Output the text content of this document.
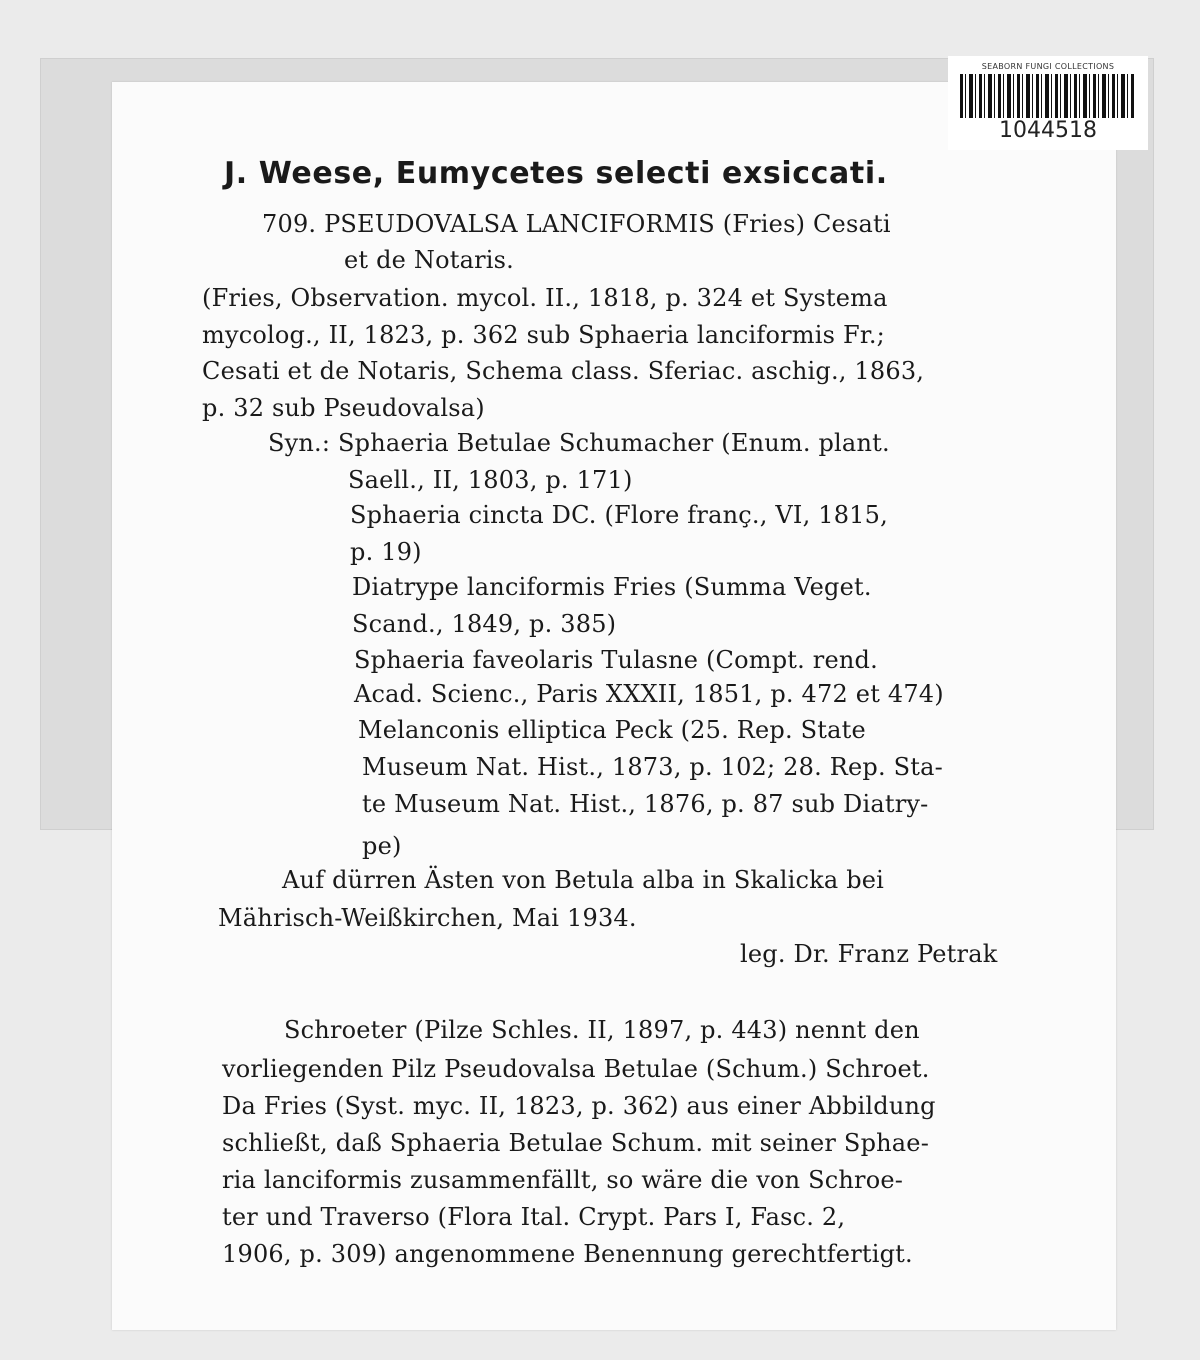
SEABORN FUNGI COLLECTIONS
1044518
J. Weese, Eumycetes selecti exsiccati.
709. PSEUDOVALSA LANCIFORMIS (Fries) Cesati
et de Notaris.
(Fries, Observation. mycol. II., 1818, p. 324 et Systema
mycolog., II, 1823, p. 362 sub Sphaeria lanciformis Fr.;
Cesati et de Notaris, Schema class. Sferiac. aschig., 1863,
p. 32 sub Pseudovalsa)
Syn.: Sphaeria Betulae Schumacher (Enum. plant.
Saell., II, 1803, p. 171)
Sphaeria cincta DC. (Flore franç., VI, 1815,
p. 19)
Diatrype lanciformis Fries (Summa Veget.
Scand., 1849, p. 385)
Sphaeria faveolaris Tulasne (Compt. rend.
Acad. Scienc., Paris XXXII, 1851, p. 472 et 474)
Melanconis elliptica Peck (25. Rep. State
Museum Nat. Hist., 1873, p. 102; 28. Rep. Sta-
te Museum Nat. Hist., 1876, p. 87 sub Diatry-
pe)
Auf dürren Ästen von Betula alba in Skalicka bei
Mährisch-Weißkirchen, Mai 1934.
leg. Dr. Franz Petrak
Schroeter (Pilze Schles. II, 1897, p. 443) nennt den
vorliegenden Pilz Pseudovalsa Betulae (Schum.) Schroet.
Da Fries (Syst. myc. II, 1823, p. 362) aus einer Abbildung
schließt, daß Sphaeria Betulae Schum. mit seiner Sphae-
ria lanciformis zusammenfällt, so wäre die von Schroe-
ter und Traverso (Flora Ital. Crypt. Pars I, Fasc. 2,
1906, p. 309) angenommene Benennung gerechtfertigt.
